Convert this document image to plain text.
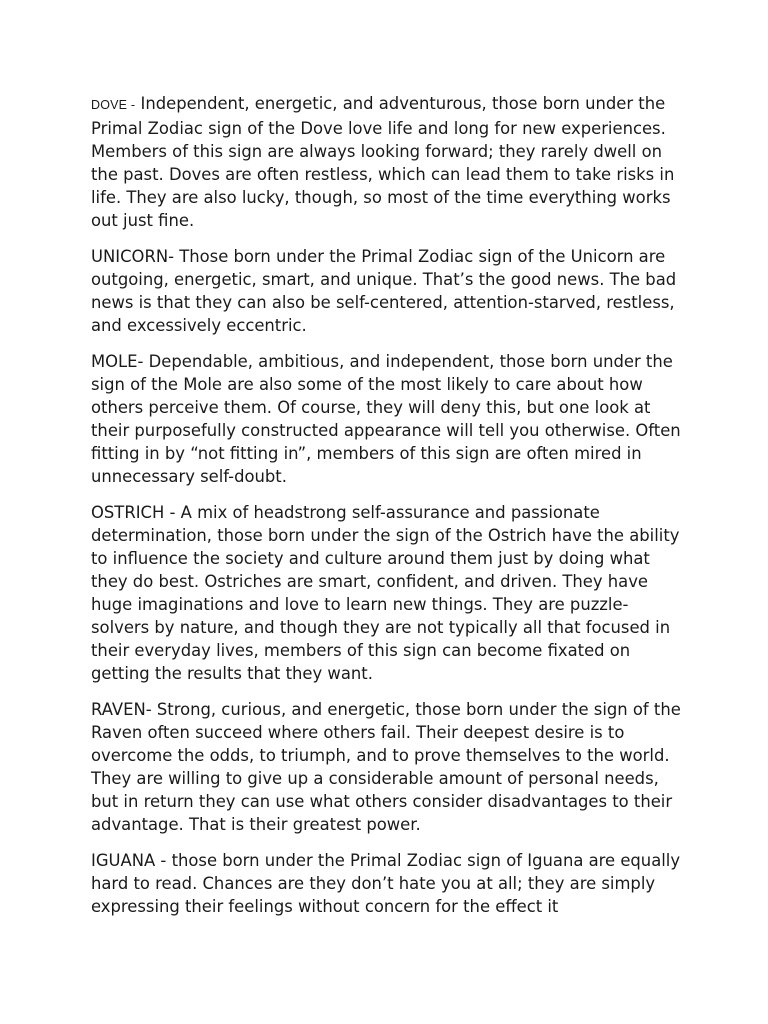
DOVE - Independent, energetic, and adventurous, those born under the Primal Zodiac sign of the Dove love life and long for new experiences. Members of this sign are always looking forward; they rarely dwell on the past. Doves are often restless, which can lead them to take risks in life. They are also lucky, though, so most of the time everything works out just fine.

UNICORN- Those born under the Primal Zodiac sign of the Unicorn are outgoing, energetic, smart, and unique. That’s the good news. The bad news is that they can also be self-centered, attention-starved, restless, and excessively eccentric.

MOLE- Dependable, ambitious, and independent, those born under the sign of the Mole are also some of the most likely to care about how others perceive them. Of course, they will deny this, but one look at their purposefully constructed appearance will tell you otherwise. Often fitting in by “not fitting in”, members of this sign are often mired in unnecessary self-doubt.

OSTRICH - A mix of headstrong self-assurance and passionate determination, those born under the sign of the Ostrich have the ability to influence the society and culture around them just by doing what they do best. Ostriches are smart, confident, and driven. They have huge imaginations and love to learn new things. They are puzzle-solvers by nature, and though they are not typically all that focused in their everyday lives, members of this sign can become fixated on getting the results that they want.

RAVEN- Strong, curious, and energetic, those born under the sign of the Raven often succeed where others fail. Their deepest desire is to overcome the odds, to triumph, and to prove themselves to the world. They are willing to give up a considerable amount of personal needs, but in return they can use what others consider disadvantages to their advantage. That is their greatest power.

IGUANA - those born under the Primal Zodiac sign of Iguana are equally hard to read. Chances are they don’t hate you at all; they are simply expressing their feelings without concern for the effect it
